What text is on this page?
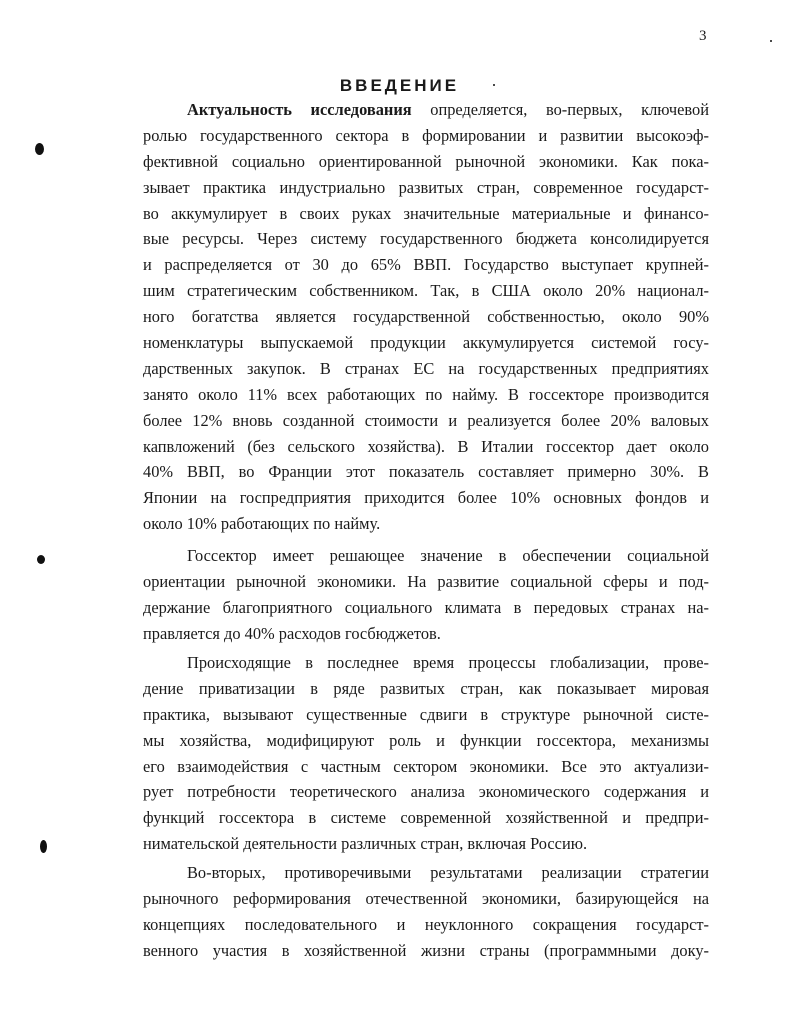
3
ВВЕДЕНИЕ
Актуальность исследования определяется, во-первых, ключевой
ролью государственного сектора в формировании и развитии высокоэф-
фективной социально ориентированной рыночной экономики. Как пока-
зывает практика индустриально развитых стран, современное государст-
во аккумулирует в своих руках значительные материальные и финансо-
вые ресурсы. Через систему государственного бюджета консолидируется
и распределяется от 30 до 65% ВВП. Государство выступает крупней-
шим стратегическим собственником. Так, в США около 20% национал-
ного богатства является государственной собственностью, около 90%
номенклатуры выпускаемой продукции аккумулируется системой госу-
дарственных закупок. В странах ЕС на государственных предприятиях
занято около 11% всех работающих по найму. В госсекторе производится
более 12% вновь созданной стоимости и реализуется более 20% валовых
капвложений (без сельского хозяйства). В Италии госсектор дает около
40% ВВП, во Франции этот показатель составляет примерно 30%. В
Японии на госпредприятия приходится более 10% основных фондов и
около 10% работающих по найму.
Госсектор имеет решающее значение в обеспечении социальной
ориентации рыночной экономики. На развитие социальной сферы и под-
держание благоприятного социального климата в передовых странах на-
правляется до 40% расходов госбюджетов.
Происходящие в последнее время процессы глобализации, прове-
дение приватизации в ряде развитых стран, как показывает мировая
практика, вызывают существенные сдвиги в структуре рыночной систе-
мы хозяйства, модифицируют роль и функции госсектора, механизмы
его взаимодействия с частным сектором экономики. Все это актуализи-
рует потребности теоретического анализа экономического содержания и
функций госсектора в системе современной хозяйственной и предпри-
нимательской деятельности различных стран, включая Россию.
Во-вторых, противоречивыми результатами реализации стратегии
рыночного реформирования отечественной экономики, базирующейся на
концепциях последовательного и неуклонного сокращения государст-
венного участия в хозяйственной жизни страны (программными доку-
